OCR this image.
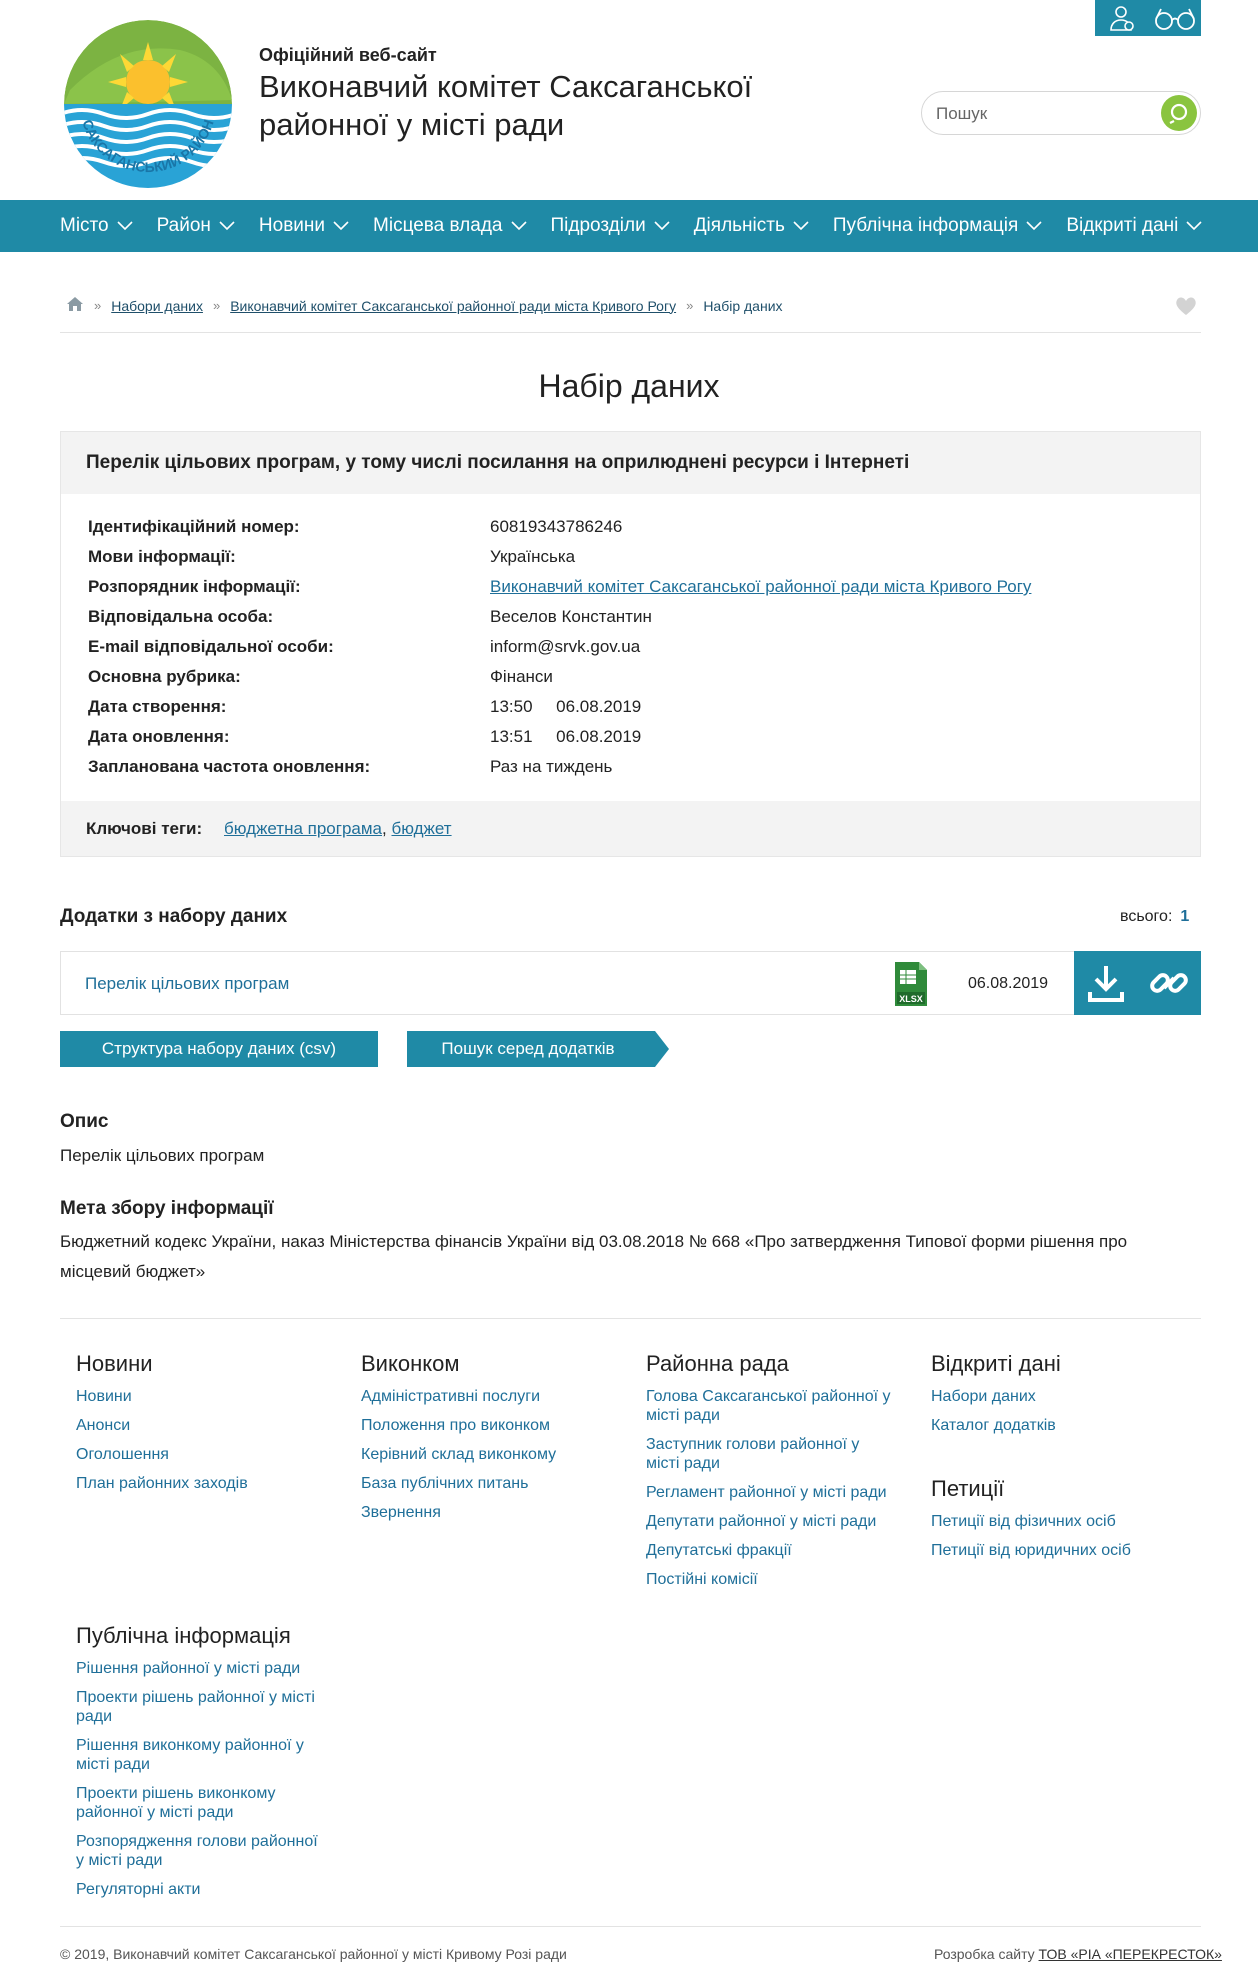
САКСАГАНСЬКИЙ РАЙОН
Офіційний веб-сайт
Виконавчий комітет Саксаганської
районної у місті ради
Пошук
Місто	Район	Новини	Місцева влада	Підрозділи	Діяльність	Публічна інформація	Відкриті дані
» Набори даних » Виконавчий комітет Саксаганської районної ради міста Кривого Рогу » Набір даних
Набір даних
Перелік цільових програм, у тому числі посилання на оприлюднені ресурси і Інтернеті
Ідентифікаційний номер:	60819343786246
Мови інформації:	Українська
Розпорядник інформації:	Виконавчий комітет Саксаганської районної ради міста Кривого Рогу
Відповідальна особа:	Веселов Константин
E-mail відповідальної особи:	inform@srvk.gov.ua
Основна рубрика:	Фінанси
Дата створення:	13:50     06.08.2019
Дата оновлення:	13:51     06.08.2019
Запланована частота оновлення:	Раз на тиждень
Ключові теги: бюджетна програма, бюджет
Додатки з набору даних	всього: 1
Перелік цільових програм
XLSX
06.08.2019
Структура набору даних (csv)	Пошук серед додатків
Опис
Перелік цільових програм
Мета збору інформації
Бюджетний кодекс України, наказ Міністерства фінансів України від 03.08.2018 № 668 «Про затвердження Типової форми рішення про місцевий бюджет»
Новини
Новини
Анонси
Оголошення
План районних заходів
Виконком
Адміністративні послуги
Положення про виконком
Керівний склад виконкому
База публічних питань
Звернення
Районна рада
Голова Саксаганської районної у місті ради
Заступник голови районної у місті ради
Регламент районної у місті ради
Депутати районної у місті ради
Депутатські фракції
Постійні комісії
Відкриті дані
Набори даних
Каталог додатків
Петиції
Петиції від фізичних осіб
Петиції від юридичних осіб
Публічна інформація
Рішення районної у місті ради
Проекти рішень районної у місті ради
Рішення виконкому районної у місті ради
Проекти рішень виконкому районної у місті ради
Розпорядження голови районної у місті ради
Регуляторні акти
© 2019, Виконавчий комітет Саксаганської районної у місті Кривому Розі ради	Розробка сайту ТОВ «РІА «ПЕРЕКРЕСТОК»
